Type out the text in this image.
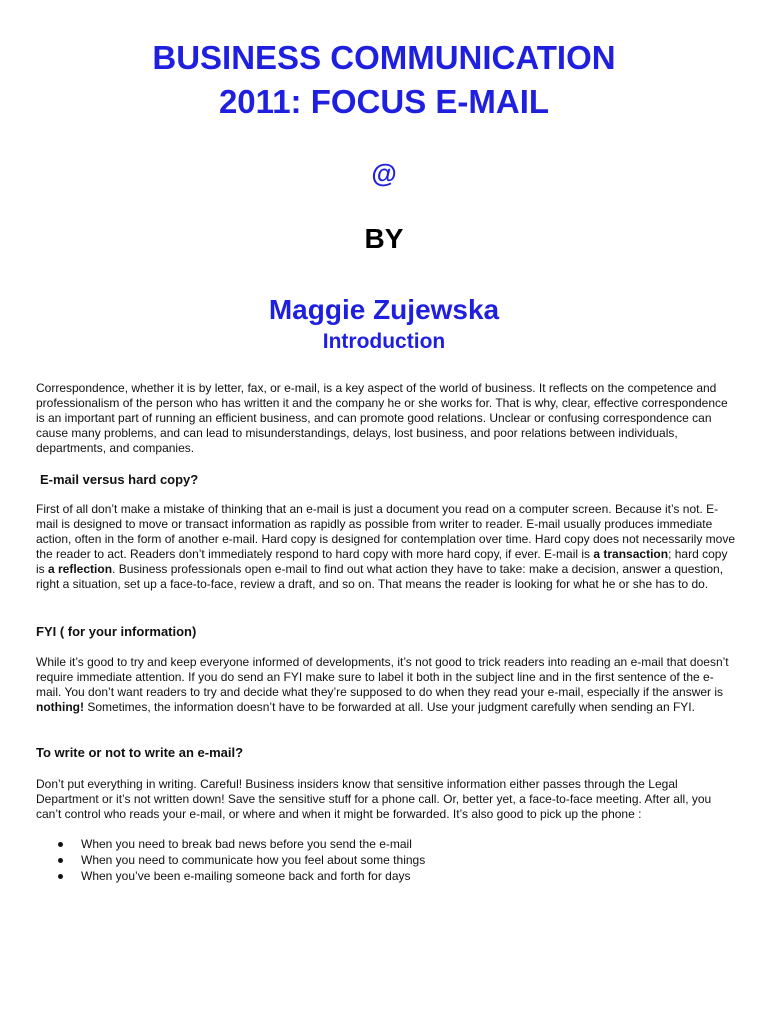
BUSINESS COMMUNICATION
2011: FOCUS E-MAIL
@
BY
Maggie Zujewska
Introduction

Correspondence, whether it is by letter, fax, or e-mail, is a key aspect of the world of business. It reflects on the competence and professionalism of the person who has written it and the company he or she works for. That is why, clear, effective correspondence is an important part of running an efficient business, and can promote good relations. Unclear or confusing correspondence can cause many problems, and can lead to misunderstandings, delays, lost business, and poor relations between individuals, departments, and companies.

E-mail versus hard copy?

First of all don’t make a mistake of thinking that an e-mail is just a document you read on a computer screen. Because it’s not. E-mail is designed to move or transact information as rapidly as possible from writer to reader. E-mail usually produces immediate action, often in the form of another e-mail. Hard copy is designed for contemplation over time. Hard copy does not necessarily move the reader to act. Readers don’t immediately respond to hard copy with more hard copy, if ever. E-mail is a transaction; hard copy is a reflection. Business professionals open e-mail to find out what action they have to take: make a decision, answer a question, right a situation, set up a face-to-face, review a draft, and so on. That means the reader is looking for what he or she has to do.

FYI ( for your information)

While it’s good to try and keep everyone informed of developments, it’s not good to trick readers into reading an e-mail that doesn’t require immediate attention. If you do send an FYI make sure to label it both in the subject line and in the first sentence of the e-mail. You don’t want readers to try and decide what they’re supposed to do when they read your e-mail, especially if the answer is nothing! Sometimes, the information doesn’t have to be forwarded at all. Use your judgment carefully when sending an FYI.

To write or not to write an e-mail?

Don’t put everything in writing. Careful! Business insiders know that sensitive information either passes through the Legal Department or it’s not written down! Save the sensitive stuff for a phone call. Or, better yet, a face-to-face meeting. After all, you can’t control who reads your e-mail, or where and when it might be forwarded. It’s also good to pick up the phone :

When you need to break bad news before you send the e-mail
When you need to communicate how you feel about some things
When you’ve been e-mailing someone back and forth for days
